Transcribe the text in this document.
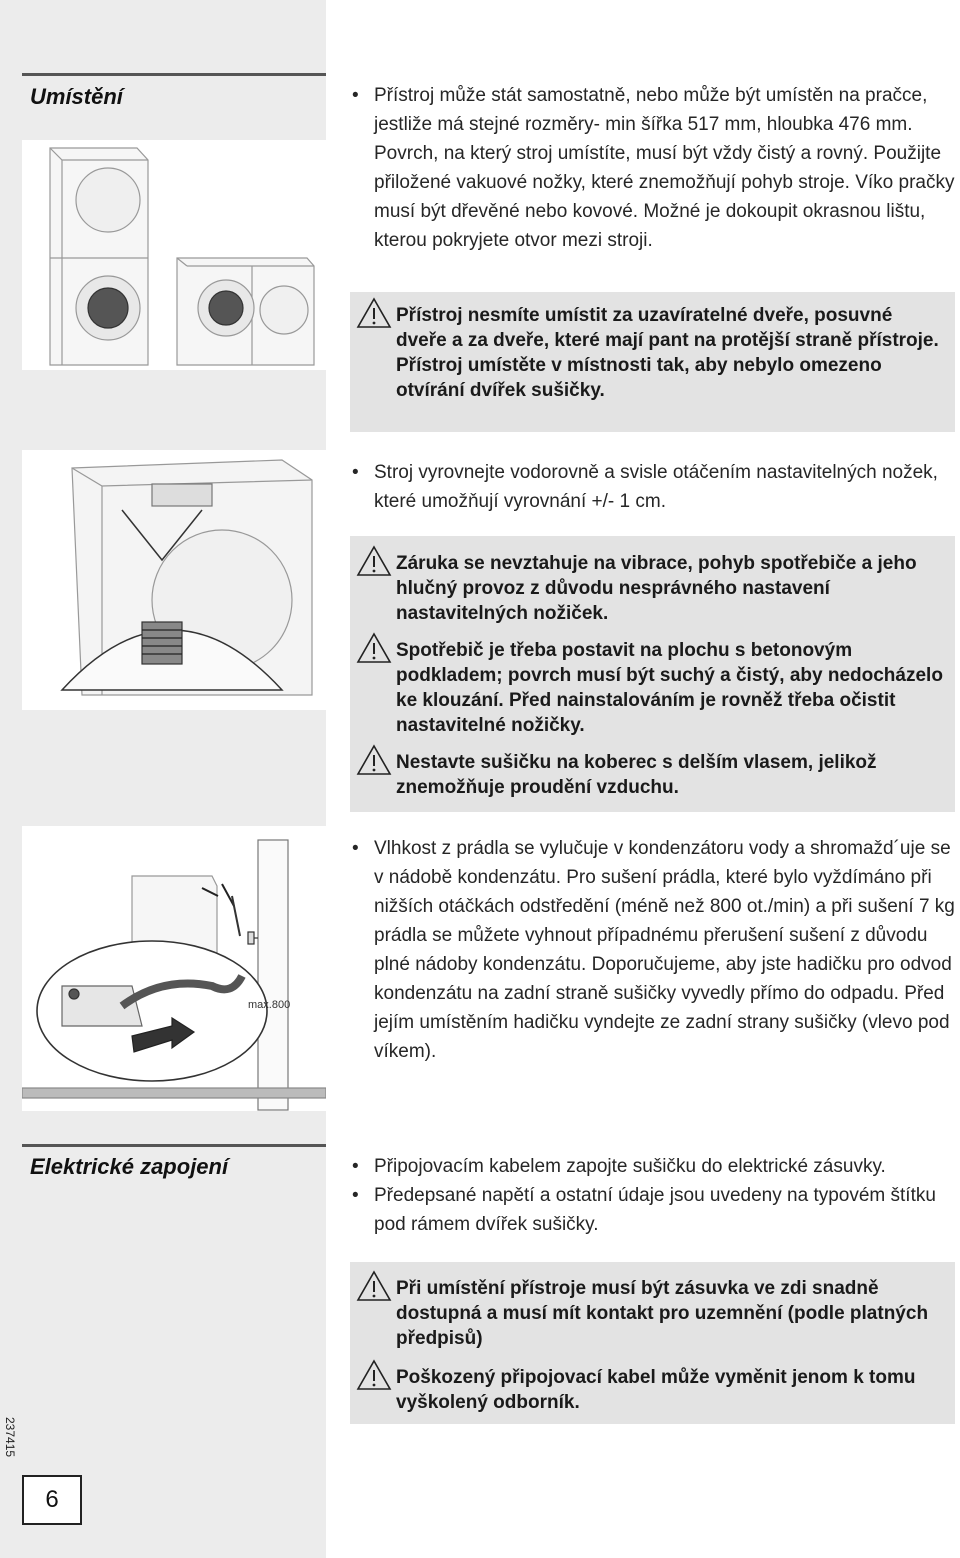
Umístění	• Přístroj může stát samostatně, nebo může být umístěn na pračce, jestliže má stejné rozměry- min šířka 517 mm, hloubka 476 mm. Povrch, na který stroj umístíte, musí být vždy čistý a rovný. Použijte přiložené vakuové nožky, které znemožňují pohyb stroje. Víko pračky musí být dřevěné nebo kovové. Možné je dokoupit okrasnou lištu, kterou pokryjete otvor mezi stroji.
Přístroj nesmíte umístit za uzavíratelné dveře, posuvné dveře a za dveře, které mají pant na protější straně přístroje.
Přístroj umístěte v místnosti tak, aby nebylo omezeno otvírání dvířek sušičky.
• Stroj vyrovnejte vodorovně a svisle otáčením nastavitelných nožek, které umožňují vyrovnání +/- 1 cm.
Záruka se nevztahuje na vibrace, pohyb spotřebiče a jeho hlučný provoz z důvodu nesprávného nastavení nastavitelných nožiček.
Spotřebič je třeba postavit na plochu s betonovým podkladem; povrch musí být suchý a čistý, aby nedocházelo ke klouzání. Před nainstalováním je rovněž třeba očistit nastavitelné nožičky.
Nestavte sušičku na koberec s delším vlasem, jelikož znemožňuje proudění vzduchu.
max.800
• Vlhkost z prádla se vylučuje v kondenzátoru vody a shromažd´uje se v nádobě kondenzátu. Pro sušení prádla, které bylo vyždímáno při nižších otáčkách odstředění (méně než 800 ot./min) a při sušení 7 kg prádla se můžete vyhnout případnému přerušení sušení z důvodu plné nádoby kondenzátu. Doporučujeme, aby jste hadičku pro odvod kondenzátu na zadní straně sušičky vyvedly přímo do odpadu. Před jejím umístěním hadičku vyndejte ze zadní strany sušičky (vlevo pod víkem).
Elektrické zapojení	• Připojovacím kabelem zapojte sušičku do elektrické zásuvky.
• Předepsané napětí a ostatní údaje jsou uvedeny na typovém štítku pod rámem dvířek sušičky.
Při umístění přístroje musí být zásuvka ve zdi snadně dostupná a musí mít kontakt pro uzemnění (podle platných předpisů)
Poškozený připojovací kabel může vyměnit jenom k tomu vyškolený odborník.
237415
6
